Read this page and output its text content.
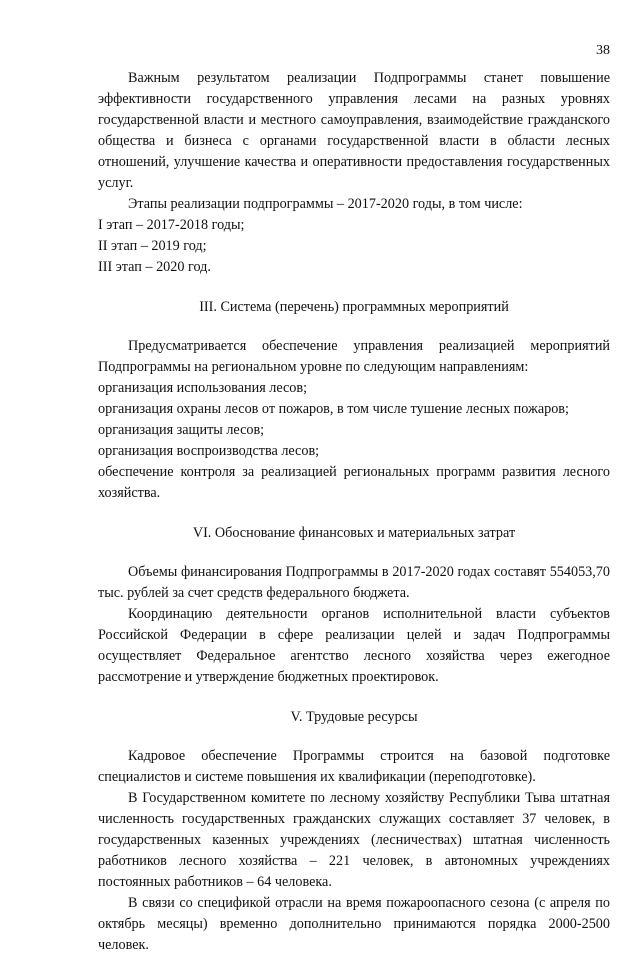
38

Важным результатом реализации Подпрограммы станет повышение эффективности государственного управления лесами на разных уровнях государственной власти и местного самоуправления, взаимодействие гражданского общества и бизнеса с органами государственной власти в области лесных отношений, улучшение качества и оперативности предоставления государственных услуг.

Этапы реализации подпрограммы – 2017-2020 годы, в том числе:

I этап – 2017-2018 годы;

II этап – 2019 год;

III этап – 2020 год.

III. Система (перечень) программных мероприятий

Предусматривается обеспечение управления реализацией мероприятий Подпрограммы на региональном уровне по следующим направлениям:

организация использования лесов;

организация охраны лесов от пожаров, в том числе тушение лесных пожаров;

организация защиты лесов;

организация воспроизводства лесов;

обеспечение контроля за реализацией региональных программ развития лесного хозяйства.

VI. Обоснование финансовых и материальных затрат

Объемы финансирования Подпрограммы в 2017-2020 годах составят 554053,70 тыс. рублей за счет средств федерального бюджета.

Координацию деятельности органов исполнительной власти субъектов Российской Федерации в сфере реализации целей и задач Подпрограммы осуществляет Федеральное агентство лесного хозяйства через ежегодное рассмотрение и утверждение бюджетных проектировок.

V. Трудовые ресурсы

Кадровое обеспечение Программы строится на базовой подготовке специалистов и системе повышения их квалификации (переподготовке).

В Государственном комитете по лесному хозяйству Республики Тыва штатная численность государственных гражданских служащих составляет 37 человек, в государственных казенных учреждениях (лесничествах) штатная численность работников лесного хозяйства – 221 человек, в автономных учреждениях постоянных работников – 64 человека.

В связи со спецификой отрасли на время пожароопасного сезона (с апреля по октябрь месяцы) временно дополнительно принимаются порядка 2000-2500 человек.
